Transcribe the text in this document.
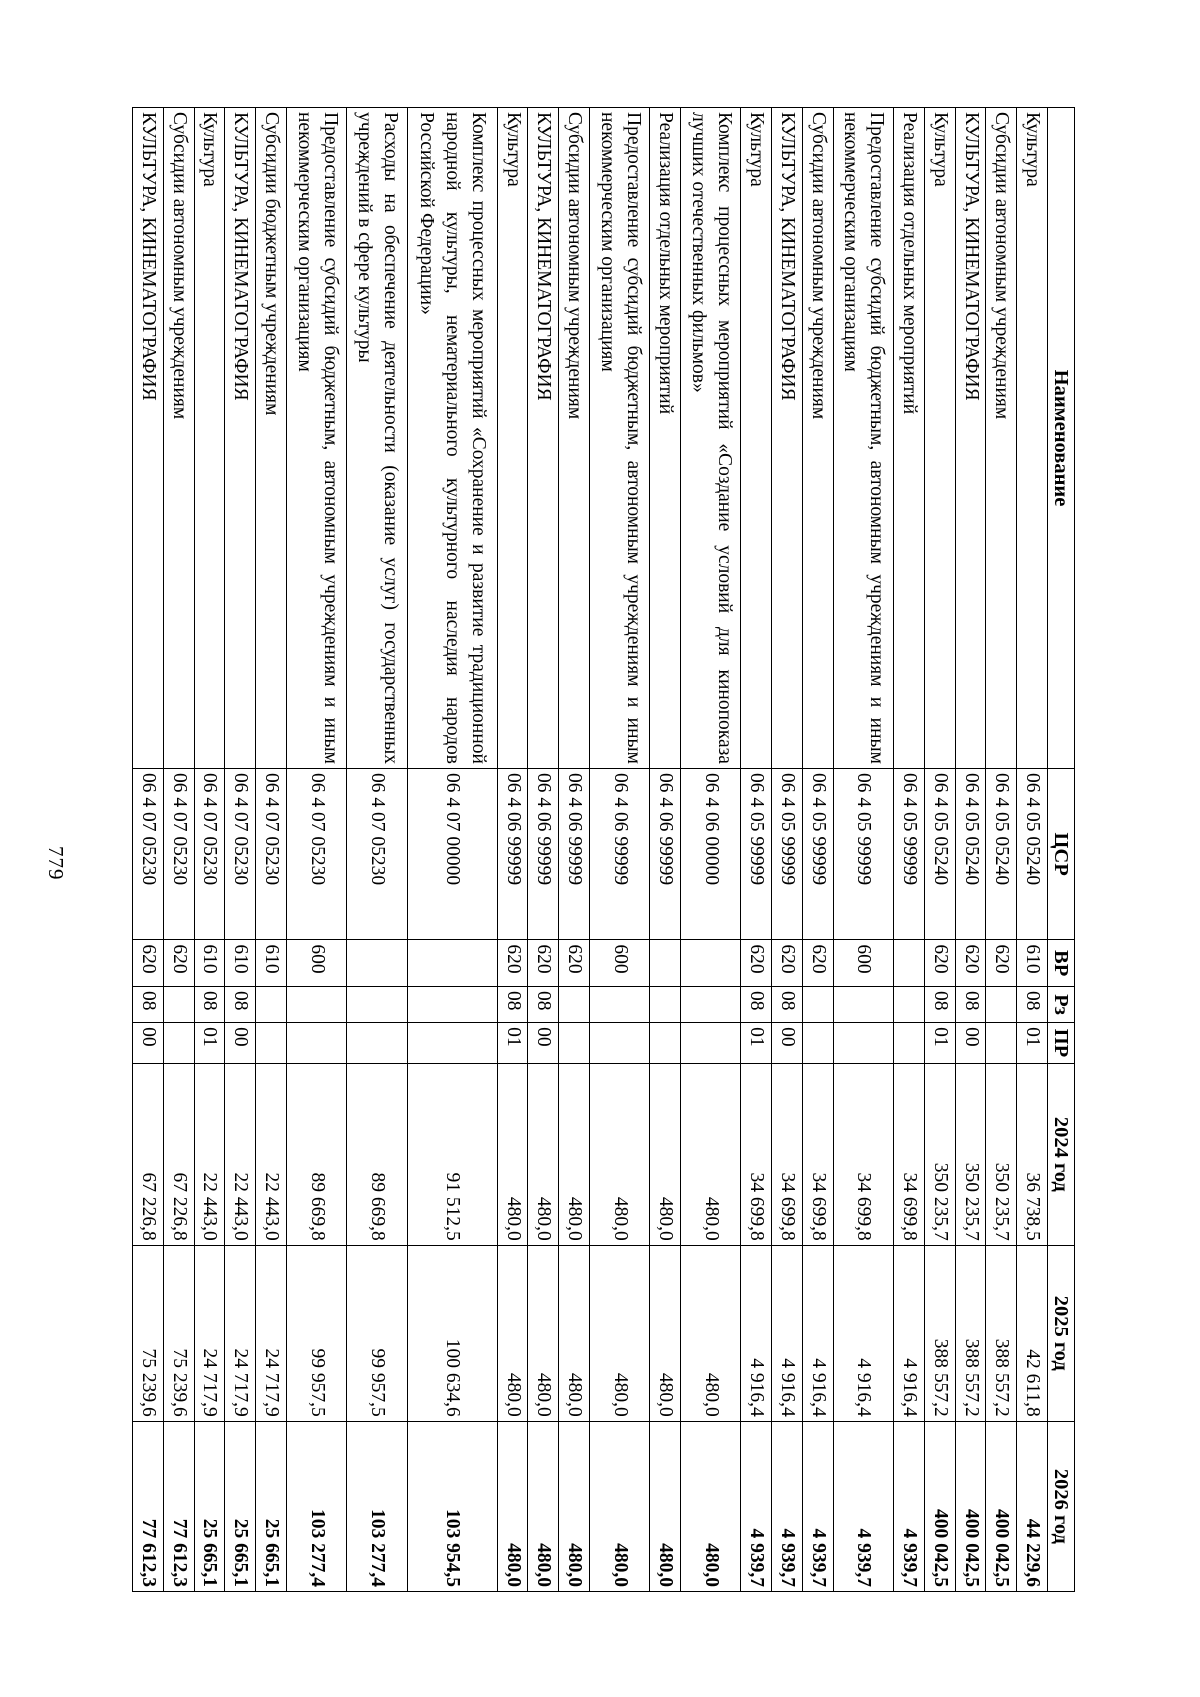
779
Наименование	ЦСР	ВР	Рз	ПР	2024 год	2025 год	2026 год
Культура	06 4 05 05240	610	08	01	36 738,5	42 611,8	44 229,6
Субсидии автономным учреждениям	06 4 05 05240	620			350 235,7	388 557,2	400 042,5
КУЛЬТУРА, КИНЕМАТОГРАФИЯ	06 4 05 05240	620	08	00	350 235,7	388 557,2	400 042,5
Культура	06 4 05 05240	620	08	01	350 235,7	388 557,2	400 042,5
Реализация отдельных мероприятий	06 4 05 99999				34 699,8	4 916,4	4 939,7
Предоставление субсидий бюджетным, автономным учреждениям и иным некоммерческим организациям	06 4 05 99999	600			34 699,8	4 916,4	4 939,7
Субсидии автономным учреждениям	06 4 05 99999	620			34 699,8	4 916,4	4 939,7
КУЛЬТУРА, КИНЕМАТОГРАФИЯ	06 4 05 99999	620	08	00	34 699,8	4 916,4	4 939,7
Культура	06 4 05 99999	620	08	01	34 699,8	4 916,4	4 939,7
Комплекс процессных мероприятий «Создание условий для кинопоказа лучших отечественных фильмов»	06 4 06 00000				480,0	480,0	480,0
Реализация отдельных мероприятий	06 4 06 99999				480,0	480,0	480,0
Предоставление субсидий бюджетным, автономным учреждениям и иным некоммерческим организациям	06 4 06 99999	600			480,0	480,0	480,0
Субсидии автономным учреждениям	06 4 06 99999	620			480,0	480,0	480,0
КУЛЬТУРА, КИНЕМАТОГРАФИЯ	06 4 06 99999	620	08	00	480,0	480,0	480,0
Культура	06 4 06 99999	620	08	01	480,0	480,0	480,0
Комплекс процессных мероприятий «Сохранение и развитие традиционной народной культуры, нематериального культурного наследия народов Российской Федерации»	06 4 07 00000				91 512,5	100 634,6	103 954,5
Расходы на обеспечение деятельности (оказание услуг) государственных учреждений в сфере культуры	06 4 07 05230				89 669,8	99 957,5	103 277,4
Предоставление субсидий бюджетным, автономным учреждениям и иным некоммерческим организациям	06 4 07 05230	600			89 669,8	99 957,5	103 277,4
Субсидии бюджетным учреждениям	06 4 07 05230	610			22 443,0	24 717,9	25 665,1
КУЛЬТУРА, КИНЕМАТОГРАФИЯ	06 4 07 05230	610	08	00	22 443,0	24 717,9	25 665,1
Культура	06 4 07 05230	610	08	01	22 443,0	24 717,9	25 665,1
Субсидии автономным учреждениям	06 4 07 05230	620			67 226,8	75 239,6	77 612,3
КУЛЬТУРА, КИНЕМАТОГРАФИЯ	06 4 07 05230	620	08	00	67 226,8	75 239,6	77 612,3
